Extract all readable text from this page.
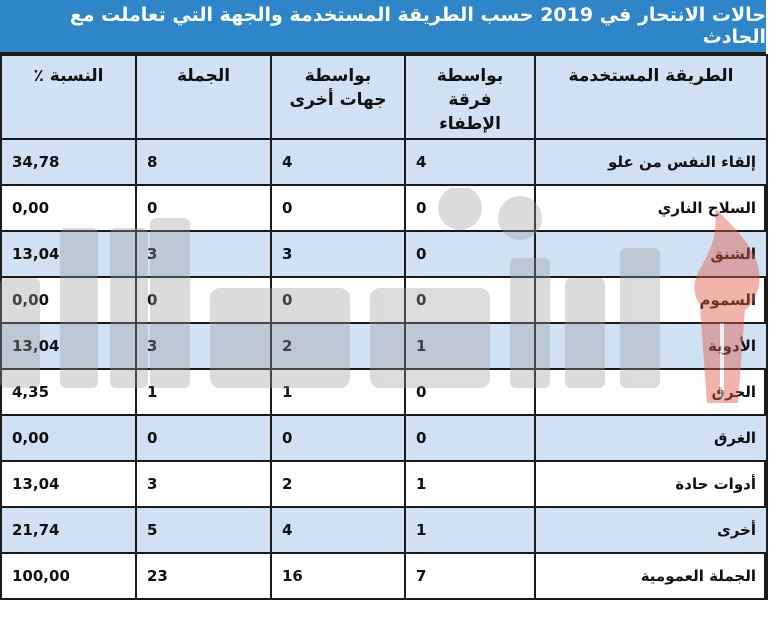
حالات الانتحار في 2019 حسب الطريقة المستخدمة والجهة التي تعاملت مع الحادث
الطريقة المستخدمة	بواسطة فرقة الإطفاء	بواسطة جهات أخرى	الجملة	النسبة ٪

إلقاء النفس من علو	4	4	8	34,78

السلاح الناري	0	0	0	0,00

الشنق	0	3	3	13,04

السموم	0	0	0	0,00

الأدوية	1	2	3	13,04

الحرق	0	1	1	4,35

الغرق	0	0	0	0,00

أدوات حادة	1	2	3	13,04

أخرى	1	4	5	21,74

الجملة العمومية	7	16	23	100,00
